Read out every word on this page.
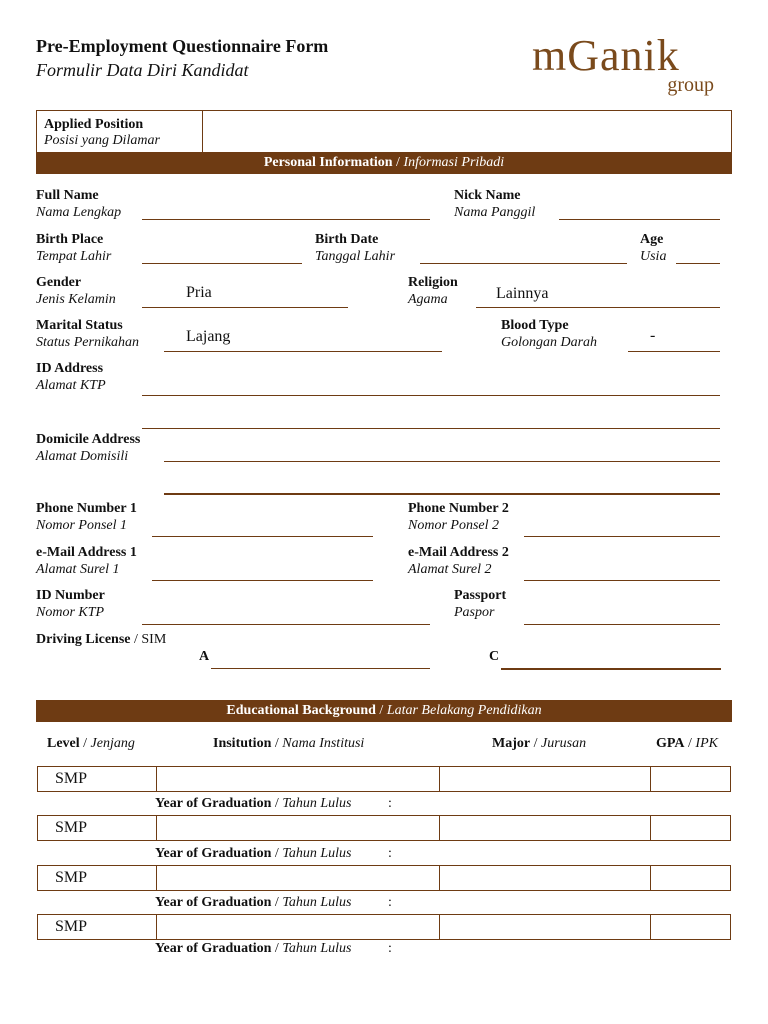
Pre-Employment Questionnaire Form
Formulir Data Diri Kandidat	mGanik
group
Applied Position
Posisi yang Dilamar
Personal Information / Informasi Pribadi
Full Name
Nama Lengkap
Nick Name
Nama Panggil
Birth Place
Tempat Lahir
Birth Date
Tanggal Lahir
Age
Usia
Gender
Jenis Kelamin	Pria
Religion
Agama	Lainnya
Marital Status
Status Pernikahan	Lajang
Blood Type
Golongan Darah	-
ID Address
Alamat KTP
Domicile Address
Alamat Domisili
Phone Number 1
Nomor Ponsel 1
Phone Number 2
Nomor Ponsel 2
e-Mail Address 1
Alamat Surel 1
e-Mail Address 2
Alamat Surel 2
ID Number
Nomor KTP
Passport
Paspor
Driving License / SIM
A	C
Educational Background / Latar Belakang Pendidikan
Level / Jenjang	Insitution / Nama Institusi	Major / Jurusan	GPA / IPK
SMP
Year of Graduation / Tahun Lulus	:
SMP
Year of Graduation / Tahun Lulus	:
SMP
Year of Graduation / Tahun Lulus	:
SMP
Year of Graduation / Tahun Lulus	:
